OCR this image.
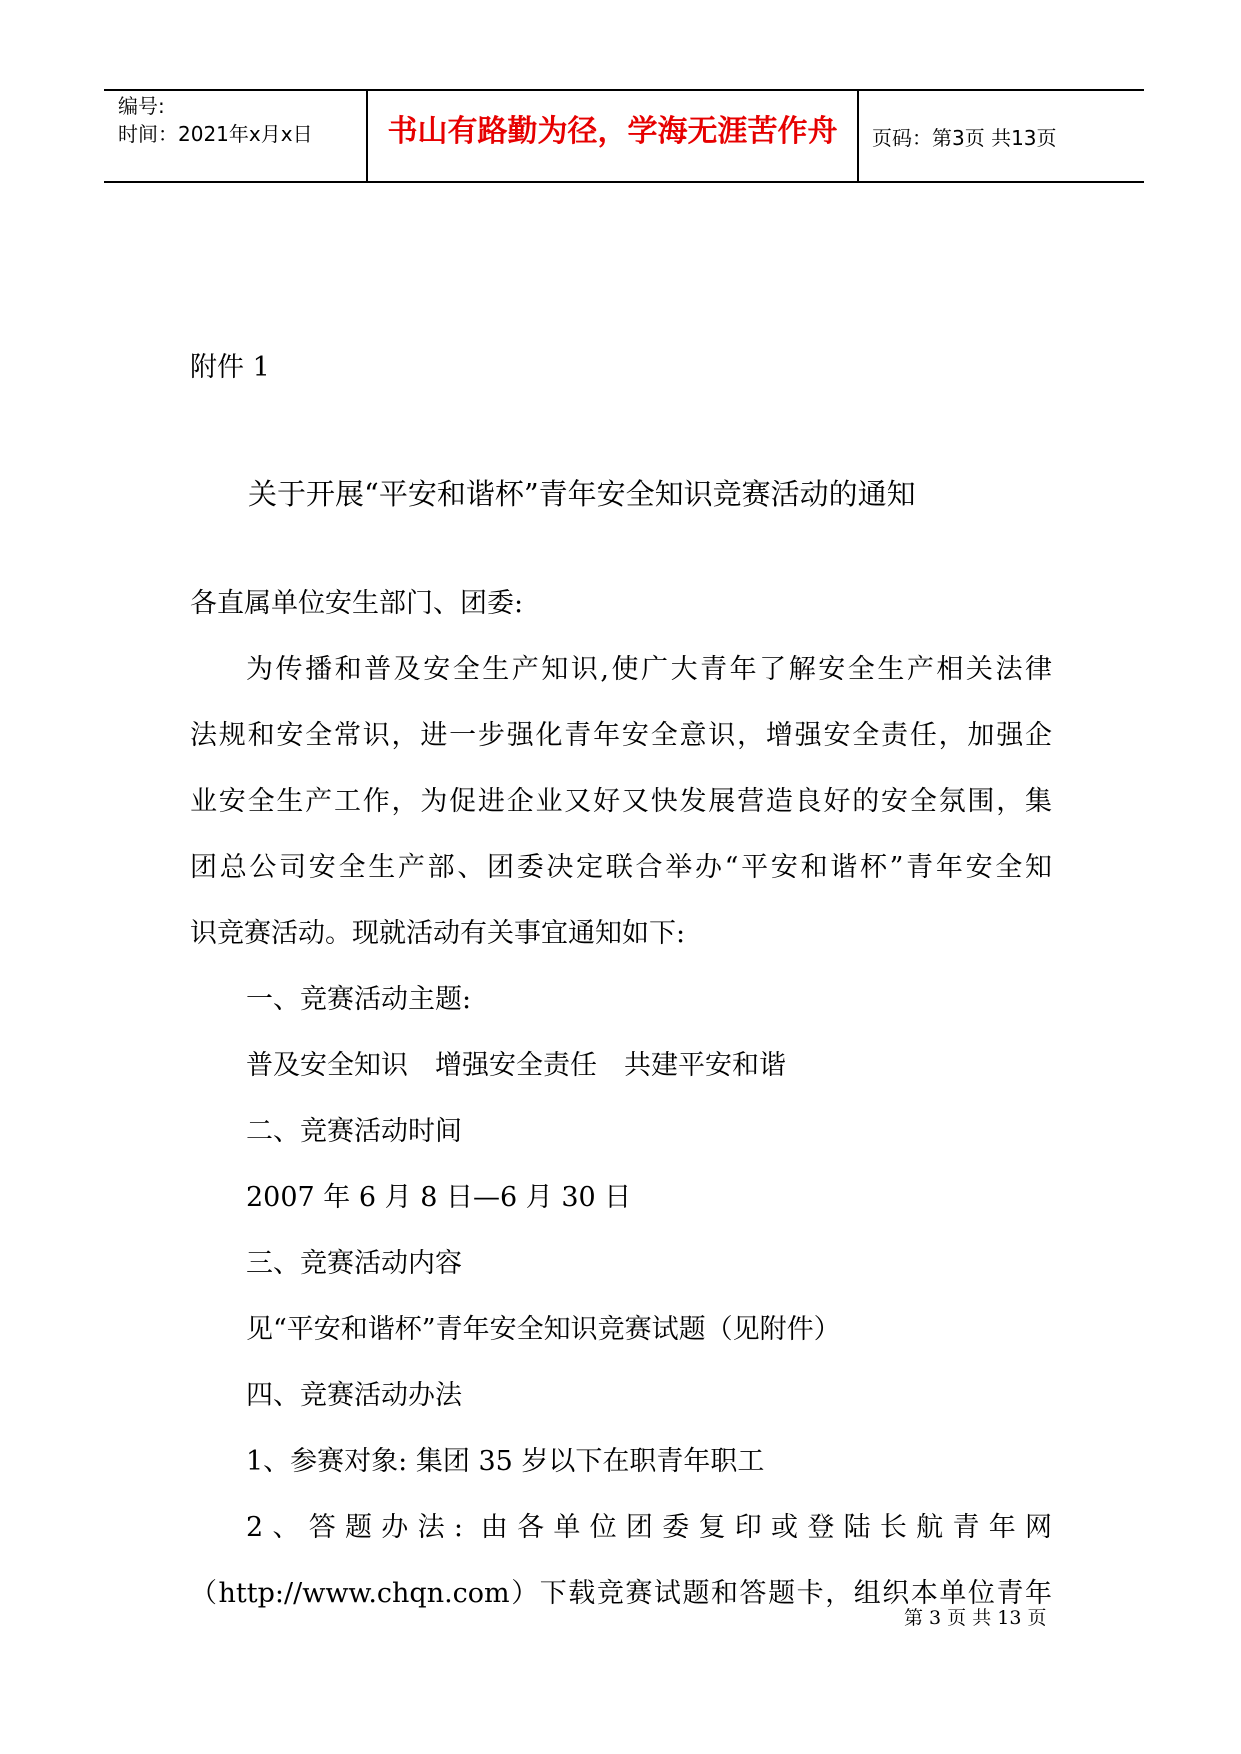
编号:
时间：2021年x月x日	书山有路勤为径，学海无涯苦作舟	页码：第3页 共13页
附件 1
关于开展“平安和谐杯”青年安全知识竞赛活动的通知
各直属单位安生部门、团委:
为传播和普及安全生产知识,使广大青年了解安全生产相关法律
法规和安全常识，进一步强化青年安全意识，增强安全责任，加强企
业安全生产工作，为促进企业又好又快发展营造良好的安全氛围，集
团总公司安全生产部、团委决定联合举办“平安和谐杯”青年安全知
识竞赛活动。现就活动有关事宜通知如下:
一、竞赛活动主题:
普及安全知识　增强安全责任　共建平安和谐
二、竞赛活动时间
2007 年 6 月 8 日—6 月 30 日
三、竞赛活动内容
见“平安和谐杯”青年安全知识竞赛试题（见附件）
四、竞赛活动办法
1、参赛对象: 集团 35 岁以下在职青年职工
2、答题办法: 由各单位团委复印或登陆长航青年网
（http://www.chqn.com）下载竞赛试题和答题卡，组织本单位青年
第 3 页 共 13 页
